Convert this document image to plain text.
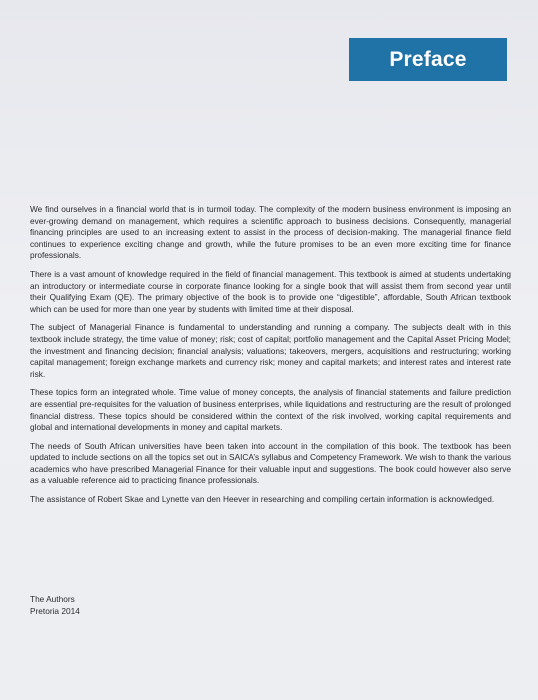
Preface

We find ourselves in a financial world that is in turmoil today. The complexity of the modern business environment is imposing an ever-growing demand on management, which requires a scientific approach to business decisions. Consequently, managerial financing principles are used to an increasing extent to assist in the process of decision-making. The managerial finance field continues to experience exciting change and growth, while the future promises to be an even more exciting time for finance professionals.

There is a vast amount of knowledge required in the field of financial management. This textbook is aimed at students undertaking an introductory or intermediate course in corporate finance looking for a single book that will assist them from second year until their Qualifying Exam (QE). The primary objective of the book is to provide one “digestible”, affordable, South African textbook which can be used for more than one year by students with limited time at their disposal.

The subject of Managerial Finance is fundamental to understanding and running a company. The subjects dealt with in this textbook include strategy, the time value of money; risk; cost of capital; portfolio management and the Capital Asset Pricing Model; the investment and financing decision; financial analysis; valuations; takeovers, mergers, acquisitions and restructuring; working capital management; foreign exchange markets and currency risk; money and capital markets; and interest rates and interest rate risk.

These topics form an integrated whole. Time value of money concepts, the analysis of financial statements and failure prediction are essential pre-requisites for the valuation of business enterprises, while liquidations and restructuring are the result of prolonged financial distress. These topics should be considered within the context of the risk involved, working capital requirements and global and international developments in money and capital markets.

The needs of South African universities have been taken into account in the compilation of this book. The textbook has been updated to include sections on all the topics set out in SAICA’s syllabus and Competency Framework. We wish to thank the various academics who have prescribed Managerial Finance for their valuable input and suggestions. The book could however also serve as a valuable reference aid to practicing finance professionals.

The assistance of Robert Skae and Lynette van den Heever in researching and compiling certain information is acknowledged.

The Authors
Pretoria 2014
